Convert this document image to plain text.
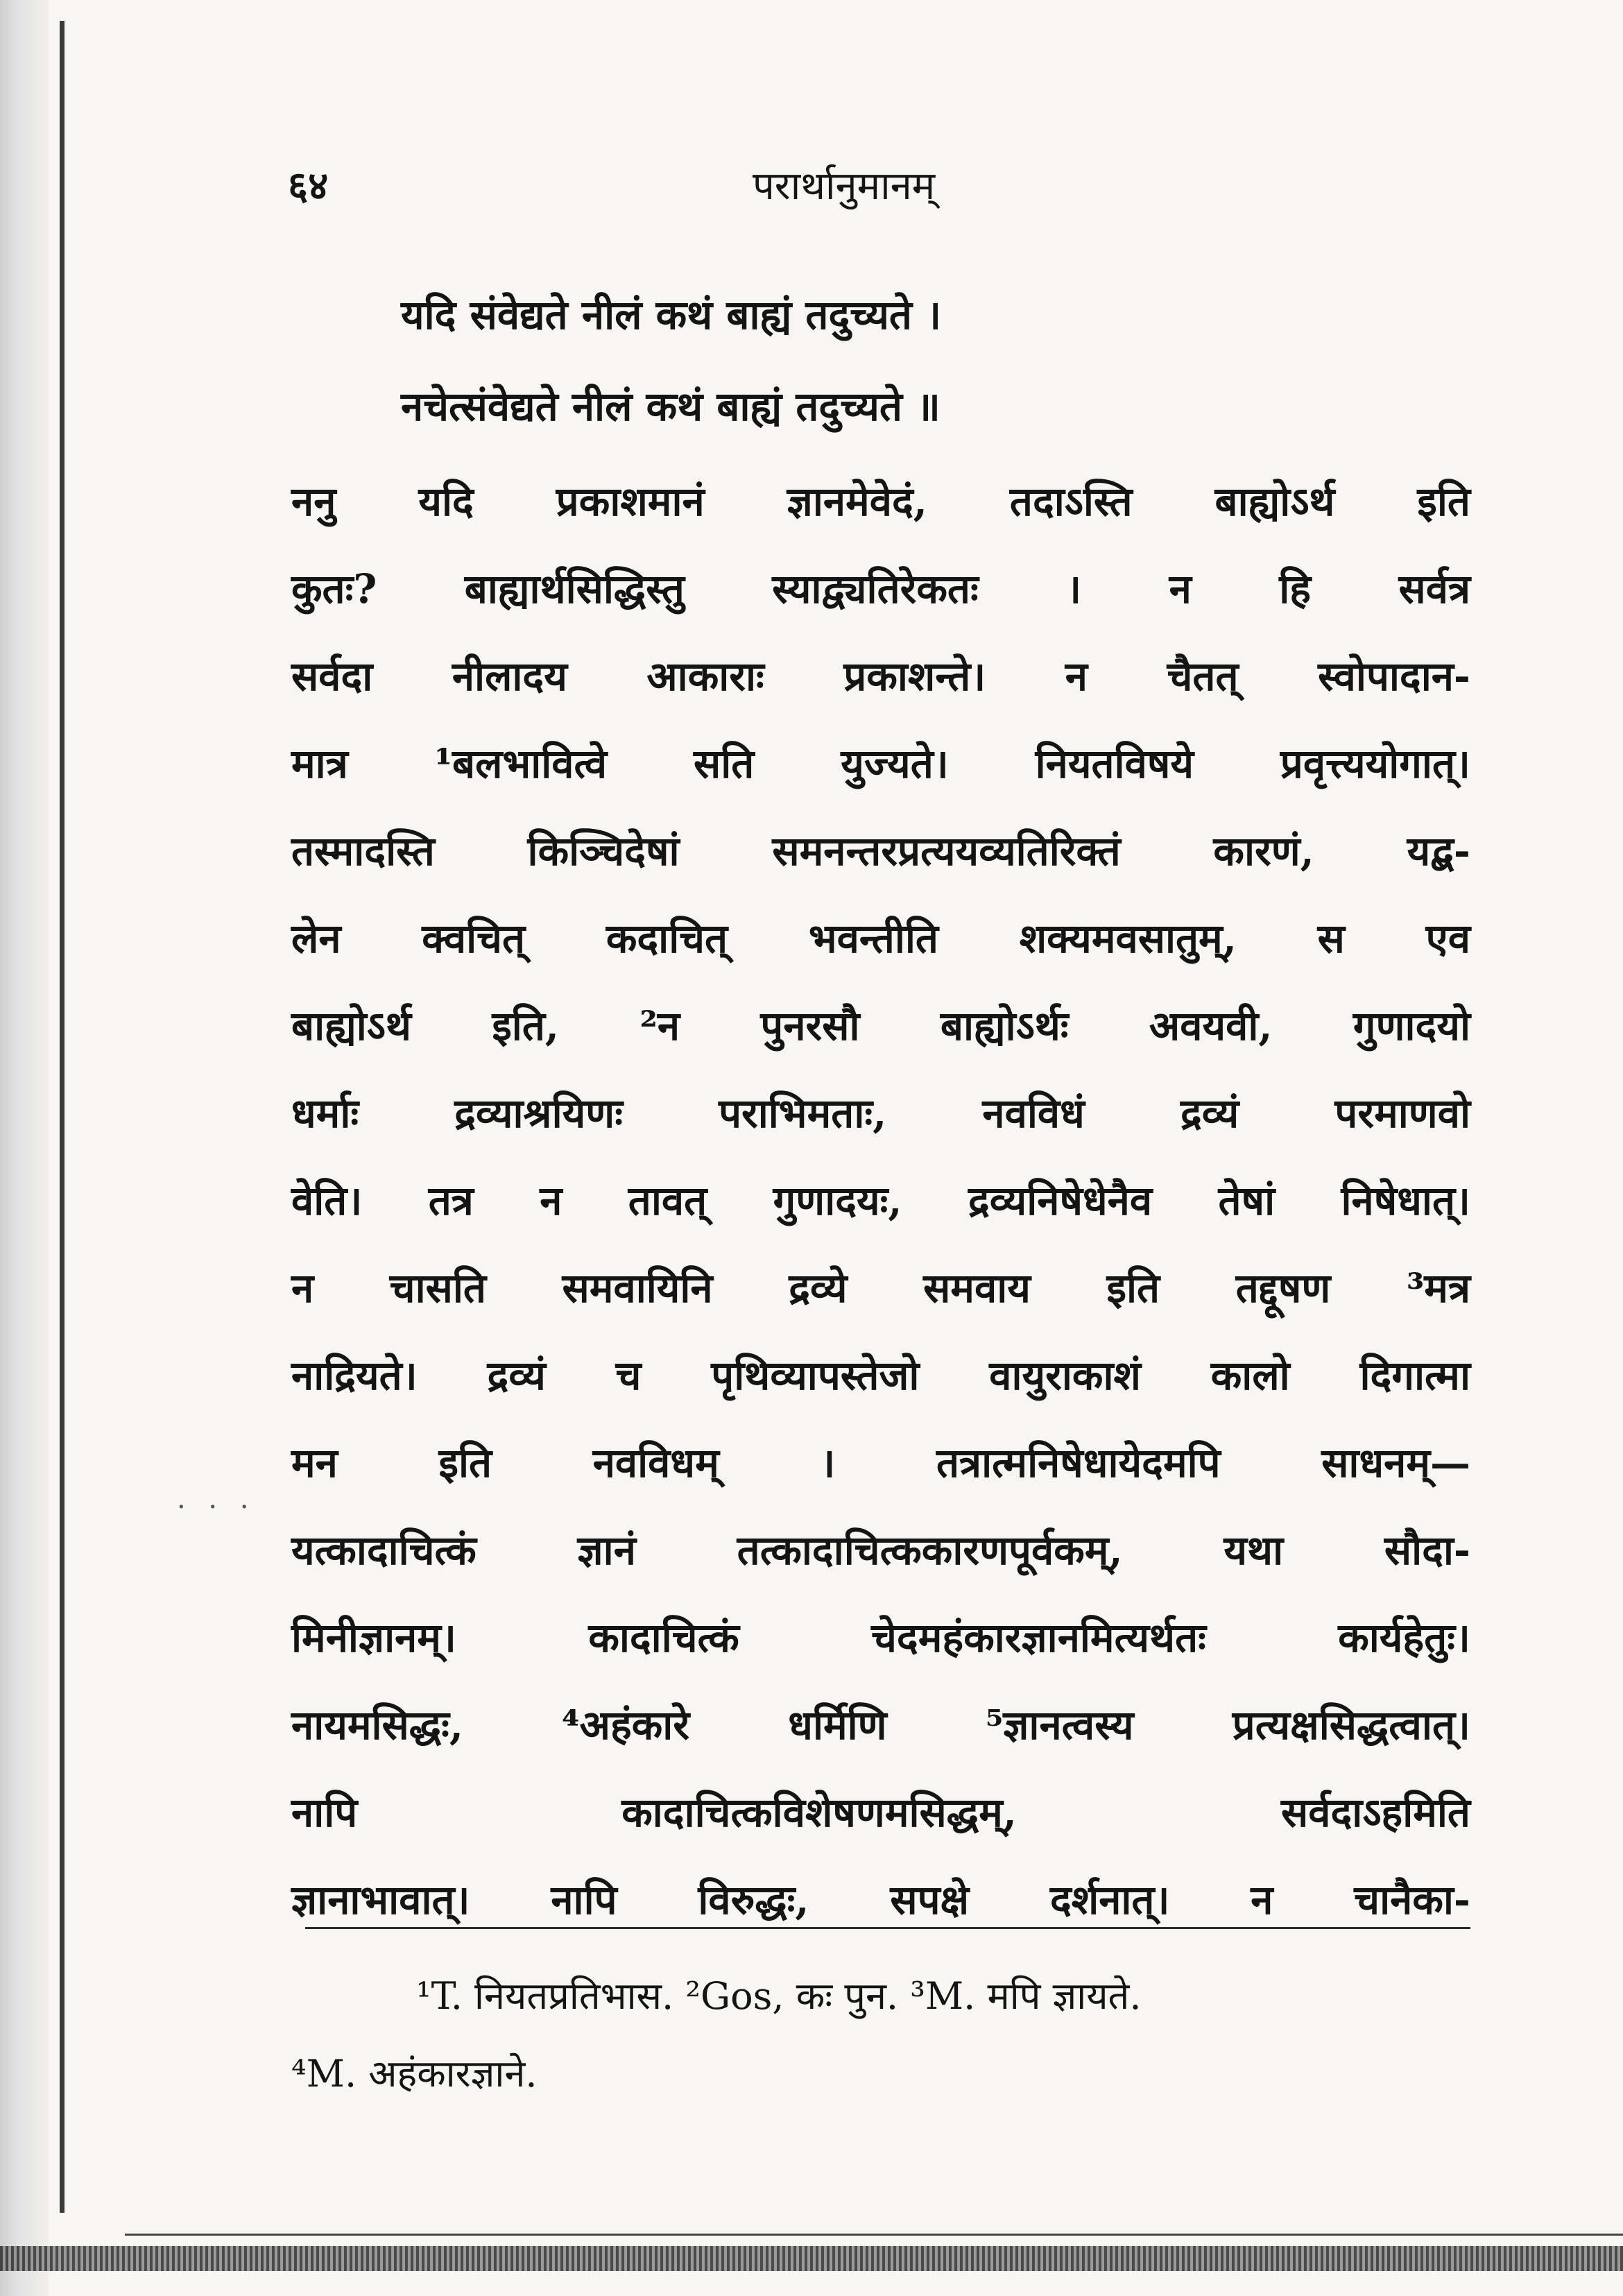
६४	परार्थानुमानम्
यदि संवेद्यते नीलं कथं बाह्यं तदुच्यते ।
नचेत्संवेद्यते नीलं कथं बाह्यं तदुच्यते ॥
ननु यदि प्रकाशमानं ज्ञानमेवेदं, तदाऽस्ति बाह्योऽर्थ इति
कुतः? बाह्यार्थसिद्धिस्तु स्याद्व्यतिरेकतः । न हि सर्वत्र
सर्वदा नीलादय आकाराः प्रकाशन्ते। न चैतत् स्वोपादान-
मात्र ¹बलभावित्वे सति युज्यते। नियतविषये प्रवृत्त्ययोगात्।
तस्मादस्ति किञ्चिदेषां समनन्तरप्रत्ययव्यतिरिक्तं कारणं, यद्ब-
लेन क्वचित् कदाचित् भवन्तीति शक्यमवसातुम्, स एव
बाह्योऽर्थ इति, ²न पुनरसौ बाह्योऽर्थः अवयवी, गुणादयो
धर्माः द्रव्याश्रयिणः पराभिमताः, नवविधं द्रव्यं परमाणवो
वेति। तत्र न तावत् गुणादयः, द्रव्यनिषेधेनैव तेषां निषेधात्।
न चासति समवायिनि द्रव्ये समवाय इति तद्दूषण ³मत्र
नाद्रियते। द्रव्यं च पृथिव्यापस्तेजो वायुराकाशं कालो दिगात्मा
मन इति नवविधम् । तत्रात्मनिषेधायेदमपि साधनम्—
यत्कादाचित्कं ज्ञानं तत्कादाचित्ककारणपूर्वकम्, यथा सौदा-
मिनीज्ञानम्। कादाचित्कं चेदमहंकारज्ञानमित्यर्थतः कार्यहेतुः।
नायमसिद्धः, ⁴अहंकारे धर्मिणि ⁵ज्ञानत्वस्य प्रत्यक्षसिद्धत्वात्।
नापि कादाचित्कविशेषणमसिद्धम्, सर्वदाऽहमिति
ज्ञानाभावात्। नापि विरुद्धः, सपक्षे दर्शनात्। न चानैका-
· · ·
¹T. नियतप्रतिभास. ²Gos, कः पुन. ³M. मपि ज्ञायते.
⁴M. अहंकारज्ञाने.
